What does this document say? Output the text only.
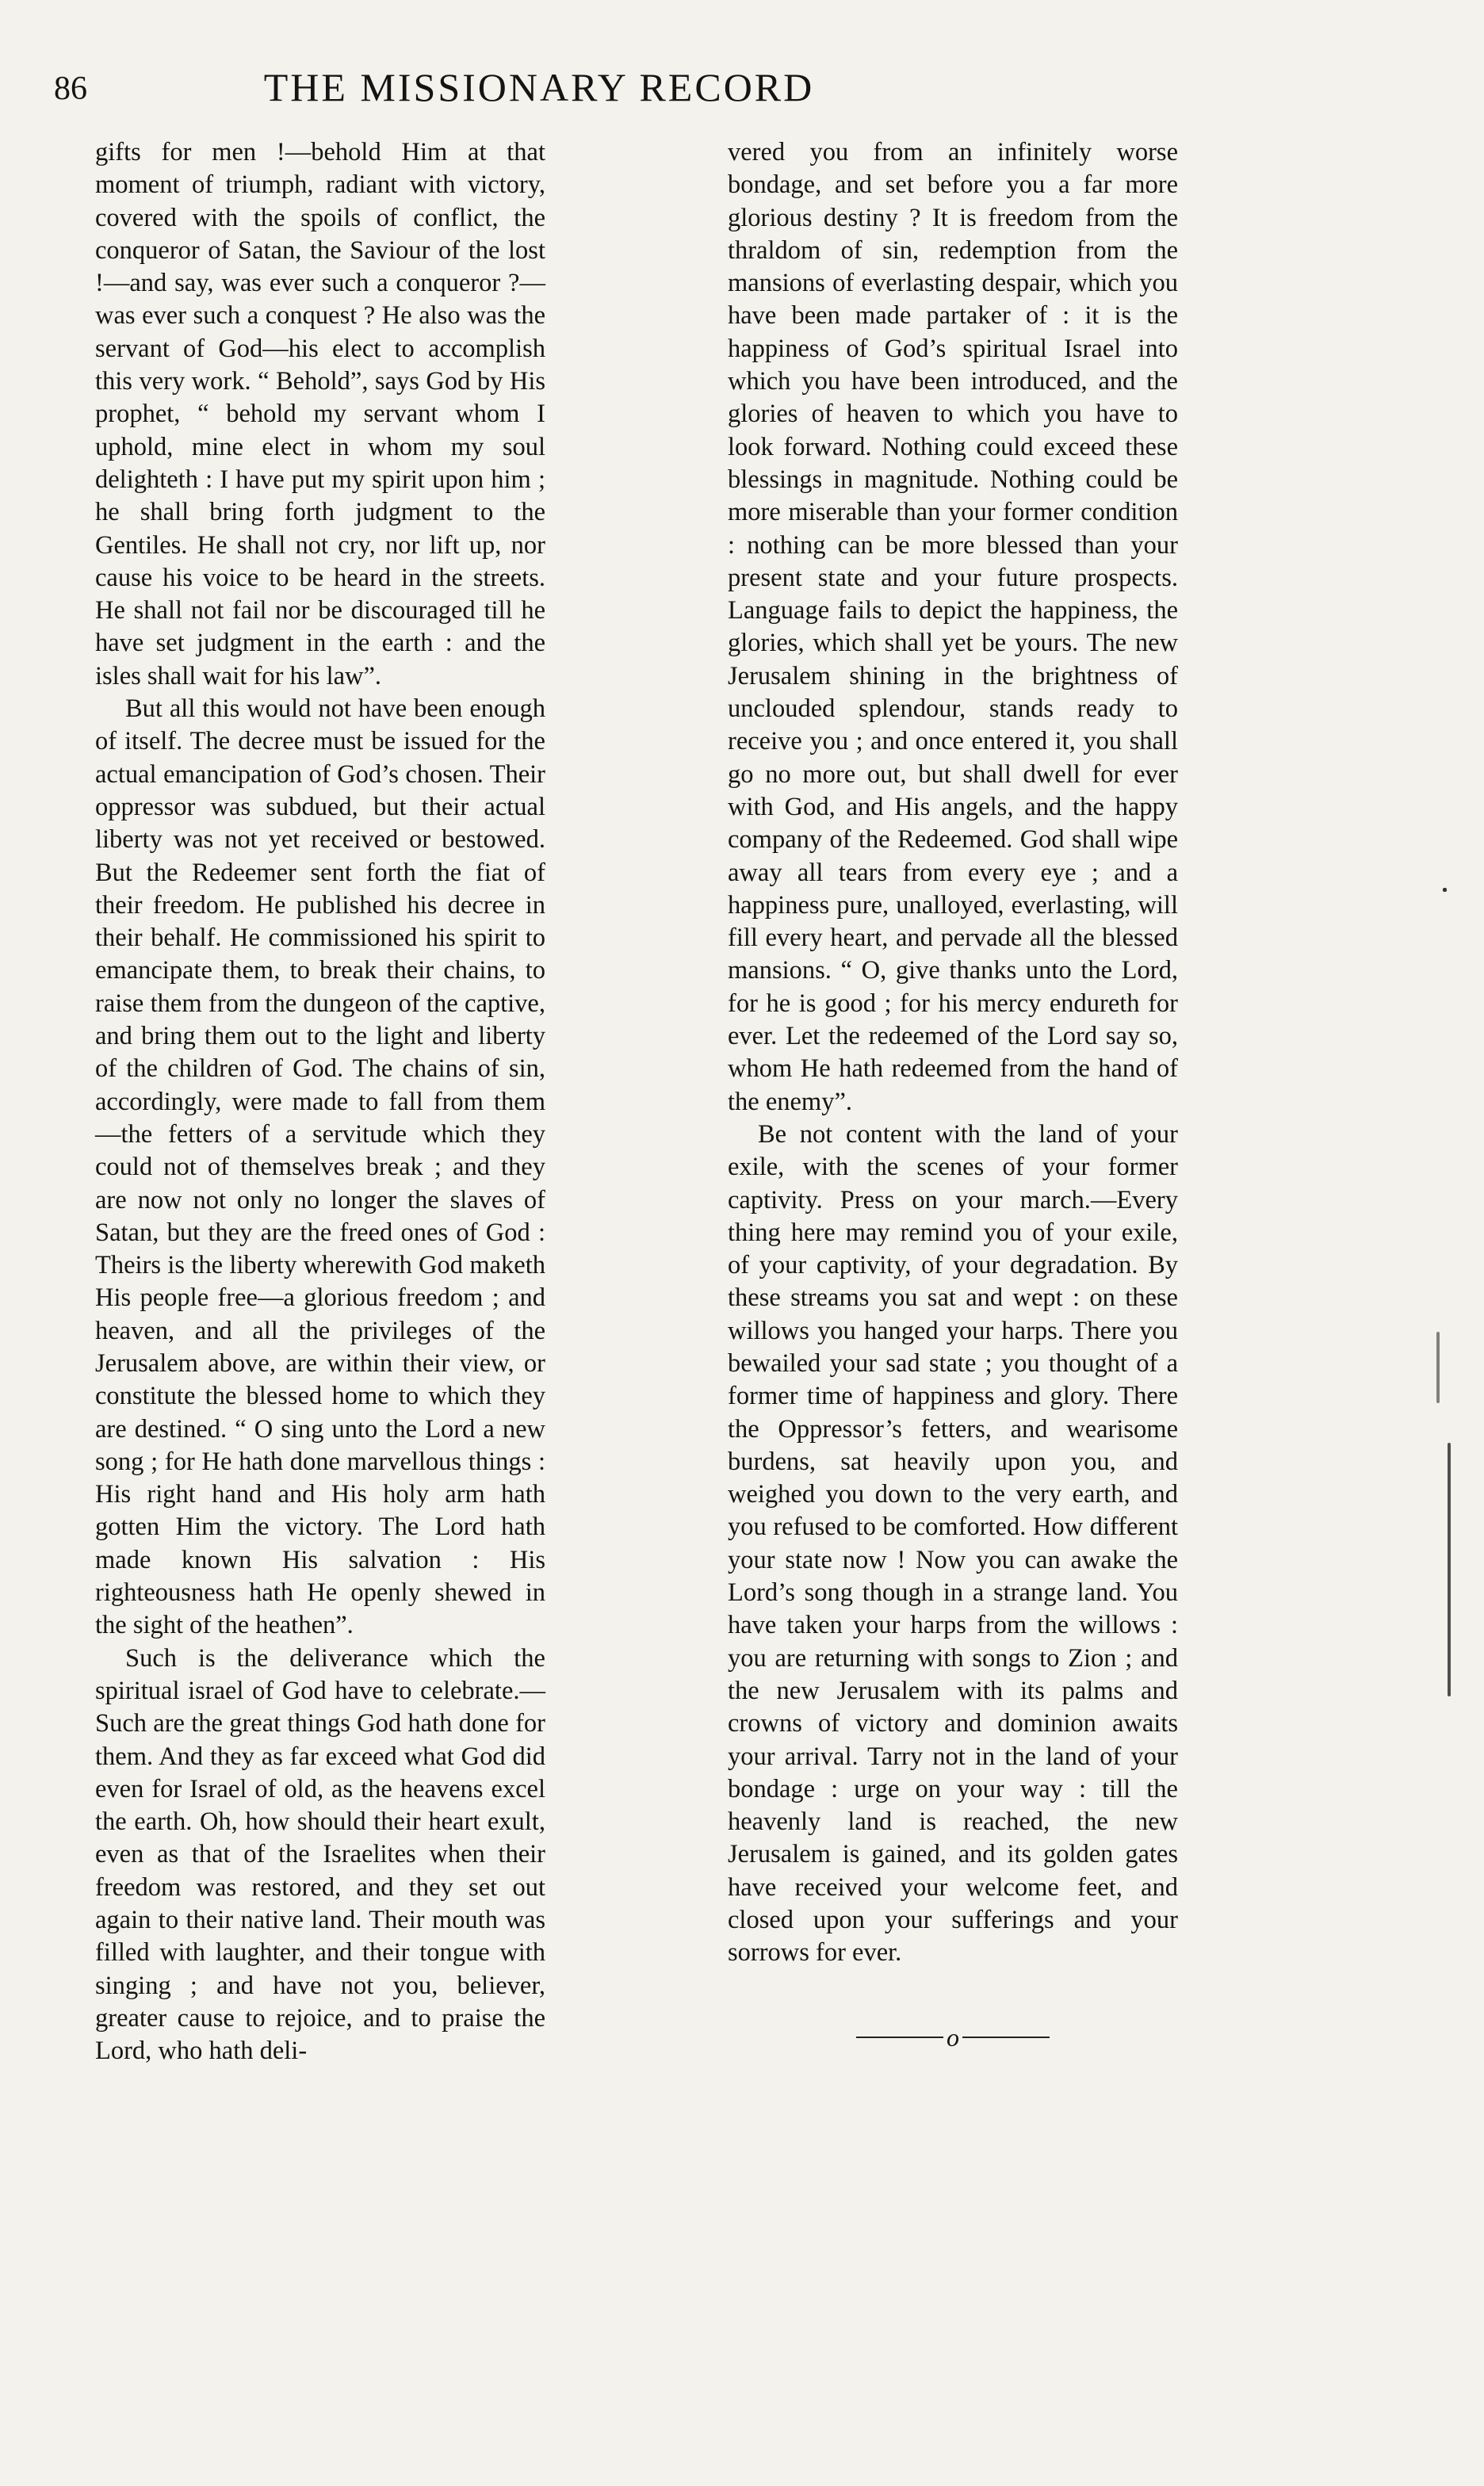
86	THE MISSIONARY RECORD

gifts for men !—behold Him at that moment of triumph, radiant with victory, covered with the spoils of conflict, the conqueror of Satan, the Saviour of the lost !—and say, was ever such a conqueror ?—was ever such a conquest ? He also was the servant of God—his elect to accomplish this very work. “ Behold”, says God by His prophet, “ behold my servant whom I uphold, mine elect in whom my soul delighteth : I have put my spirit upon him ; he shall bring forth judgment to the Gentiles. He shall not cry, nor lift up, nor cause his voice to be heard in the streets. He shall not fail nor be discouraged till he have set judgment in the earth : and the isles shall wait for his law”.

But all this would not have been enough of itself. The decree must be issued for the actual emancipation of God’s chosen. Their oppressor was subdued, but their actual liberty was not yet received or bestowed. But the Redeemer sent forth the fiat of their freedom. He published his decree in their behalf. He commissioned his spirit to emancipate them, to break their chains, to raise them from the dungeon of the captive, and bring them out to the light and liberty of the children of God. The chains of sin, accordingly, were made to fall from them—the fetters of a servitude which they could not of themselves break ; and they are now not only no longer the slaves of Satan, but they are the freed ones of God : Theirs is the liberty wherewith God maketh His people free—a glorious freedom ; and heaven, and all the privileges of the Jerusalem above, are within their view, or constitute the blessed home to which they are destined. “ O sing unto the Lord a new song ; for He hath done marvellous things : His right hand and His holy arm hath gotten Him the victory. The Lord hath made known His salvation : His righteousness hath He openly shewed in the sight of the heathen”.

Such is the deliverance which the spiritual israel of God have to celebrate.—Such are the great things God hath done for them. And they as far exceed what God did even for Israel of old, as the heavens excel the earth. Oh, how should their heart exult, even as that of the Israelites when their freedom was restored, and they set out again to their native land. Their mouth was filled with laughter, and their tongue with singing ; and have not you, believer, greater cause to rejoice, and to praise the Lord, who hath deli-

vered you from an infinitely worse bondage, and set before you a far more glorious destiny ? It is freedom from the thraldom of sin, redemption from the mansions of everlasting despair, which you have been made partaker of : it is the happiness of God’s spiritual Israel into which you have been introduced, and the glories of heaven to which you have to look forward. Nothing could exceed these blessings in magnitude. Nothing could be more miserable than your former condition : nothing can be more blessed than your present state and your future prospects. Language fails to depict the happiness, the glories, which shall yet be yours. The new Jerusalem shining in the brightness of unclouded splendour, stands ready to receive you ; and once entered it, you shall go no more out, but shall dwell for ever with God, and His angels, and the happy company of the Redeemed. God shall wipe away all tears from every eye ; and a happiness pure, unalloyed, everlasting, will fill every heart, and pervade all the blessed mansions. “ O, give thanks unto the Lord, for he is good ; for his mercy endureth for ever. Let the redeemed of the Lord say so, whom He hath redeemed from the hand of the enemy”.

Be not content with the land of your exile, with the scenes of your former captivity. Press on your march.—Every thing here may remind you of your exile, of your captivity, of your degradation. By these streams you sat and wept : on these willows you hanged your harps. There you bewailed your sad state ; you thought of a former time of happiness and glory. There the Oppressor’s fetters, and wearisome burdens, sat heavily upon you, and weighed you down to the very earth, and you refused to be comforted. How different your state now ! Now you can awake the Lord’s song though in a strange land. You have taken your harps from the willows : you are returning with songs to Zion ; and the new Jerusalem with its palms and crowns of victory and dominion awaits your arrival. Tarry not in the land of your bondage : urge on your way : till the heavenly land is reached, the new Jerusalem is gained, and its golden gates have received your welcome feet, and closed upon your sufferings and your sorrows for ever.

o
